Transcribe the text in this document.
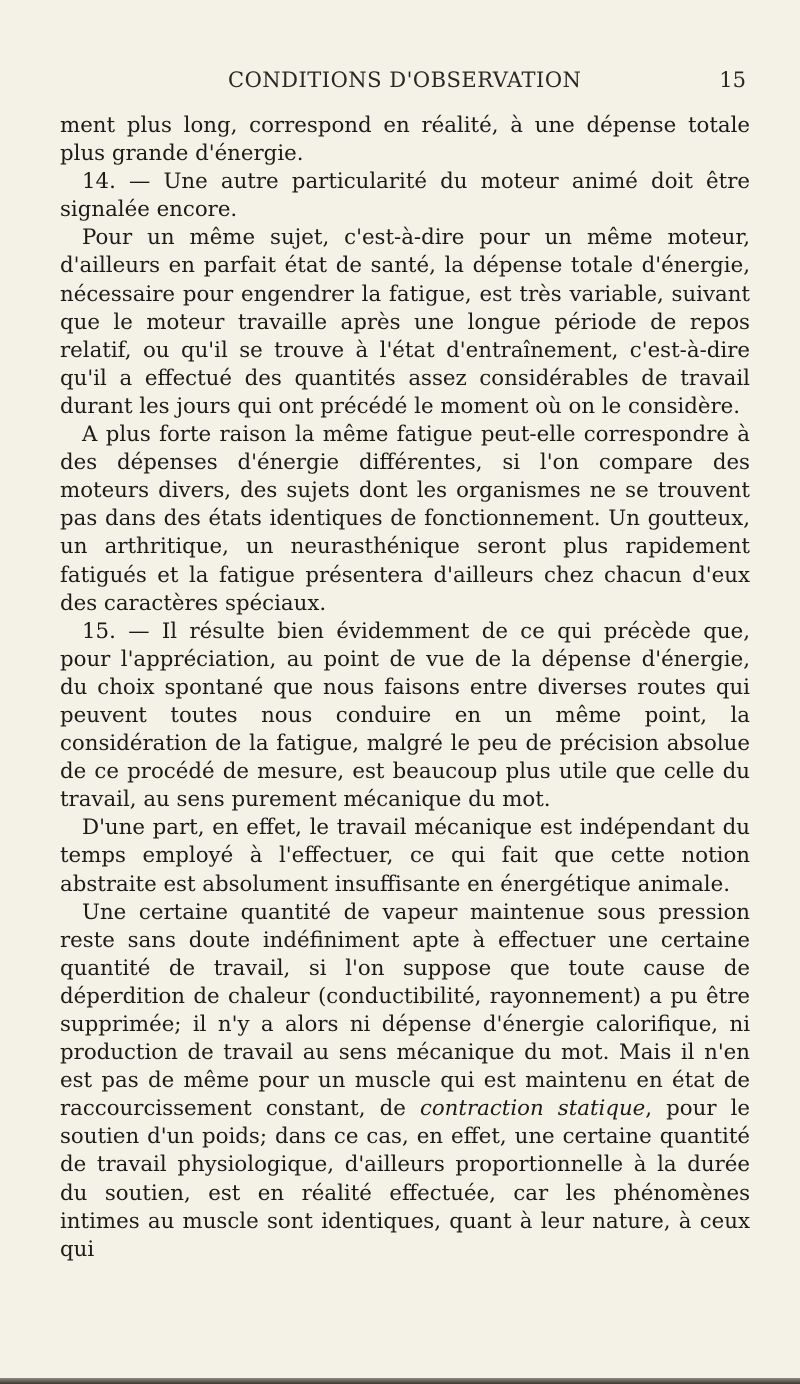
CONDITIONS D'OBSERVATION	15

ment plus long, correspond en réalité, à une dépense totale plus grande d'énergie.

14. — Une autre particularité du moteur animé doit être signalée encore.

Pour un même sujet, c'est-à-dire pour un même moteur, d'ailleurs en parfait état de santé, la dépense totale d'énergie, nécessaire pour engendrer la fatigue, est très variable, suivant que le moteur travaille après une longue période de repos relatif, ou qu'il se trouve à l'état d'entraînement, c'est-à-dire qu'il a effectué des quantités assez considérables de travail durant les jours qui ont précédé le moment où on le considère.

A plus forte raison la même fatigue peut-elle correspondre à des dépenses d'énergie différentes, si l'on compare des moteurs divers, des sujets dont les organismes ne se trouvent pas dans des états identiques de fonctionnement. Un goutteux, un arthritique, un neurasthénique seront plus rapidement fatigués et la fatigue présentera d'ailleurs chez chacun d'eux des caractères spéciaux.

15. — Il résulte bien évidemment de ce qui précède que, pour l'appréciation, au point de vue de la dépense d'énergie, du choix spontané que nous faisons entre diverses routes qui peuvent toutes nous conduire en un même point, la considération de la fatigue, malgré le peu de précision absolue de ce procédé de mesure, est beaucoup plus utile que celle du travail, au sens purement mécanique du mot.

D'une part, en effet, le travail mécanique est indépendant du temps employé à l'effectuer, ce qui fait que cette notion abstraite est absolument insuffisante en énergétique animale.

Une certaine quantité de vapeur maintenue sous pression reste sans doute indéfiniment apte à effectuer une certaine quantité de travail, si l'on suppose que toute cause de déperdition de chaleur (conductibilité, rayonnement) a pu être supprimée; il n'y a alors ni dépense d'énergie calorifique, ni production de travail au sens mécanique du mot. Mais il n'en est pas de même pour un muscle qui est maintenu en état de raccourcissement constant, de contraction statique, pour le soutien d'un poids; dans ce cas, en effet, une certaine quantité de travail physiologique, d'ailleurs proportionnelle à la durée du soutien, est en réalité effectuée, car les phénomènes intimes au muscle sont identiques, quant à leur nature, à ceux qui
